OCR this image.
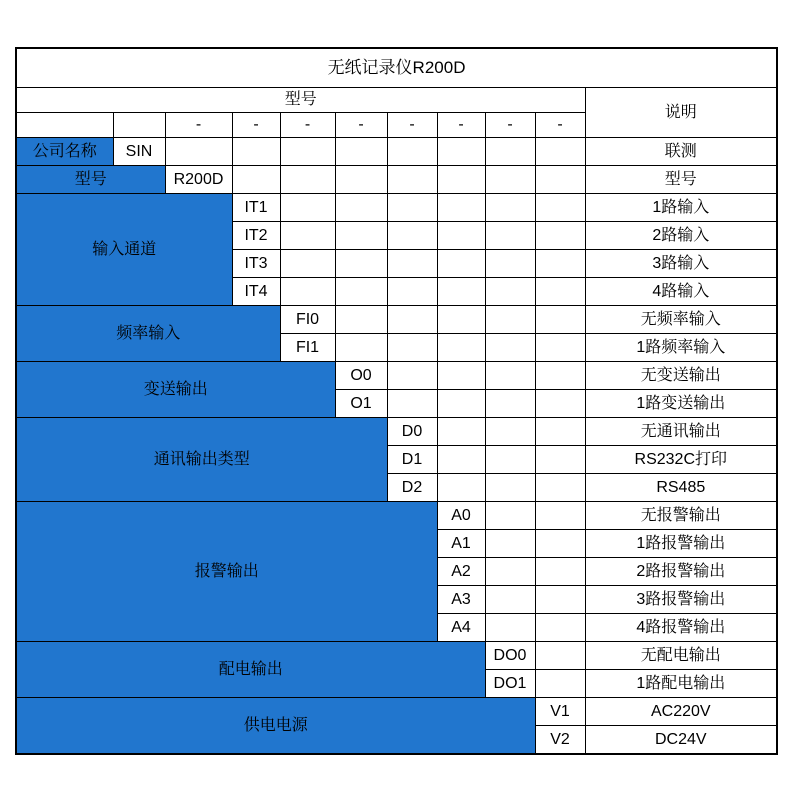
无纸记录仪R200D										
型号										说明
		-	-	-	-	-	-	-	-	
公司名称	SIN									联测
型号		R200D								型号
输入通道			IT1							1路输入
			IT2							2路输入
			IT3							3路输入
			IT4							4路输入
频率输入				FI0						无频率输入
				FI1						1路频率输入
变送输出					O0					无变送输出
					O1					1路变送输出
通讯输出类型						D0				无通讯输出
						D1				RS232C打印
						D2				RS485
报警输出							A0			无报警输出
							A1			1路报警输出
							A2			2路报警输出
							A3			3路报警输出
							A4			4路报警输出
配电输出								DO0		无配电输出
								DO1		1路配电输出
供电电源									V1	AC220V
									V2	DC24V
